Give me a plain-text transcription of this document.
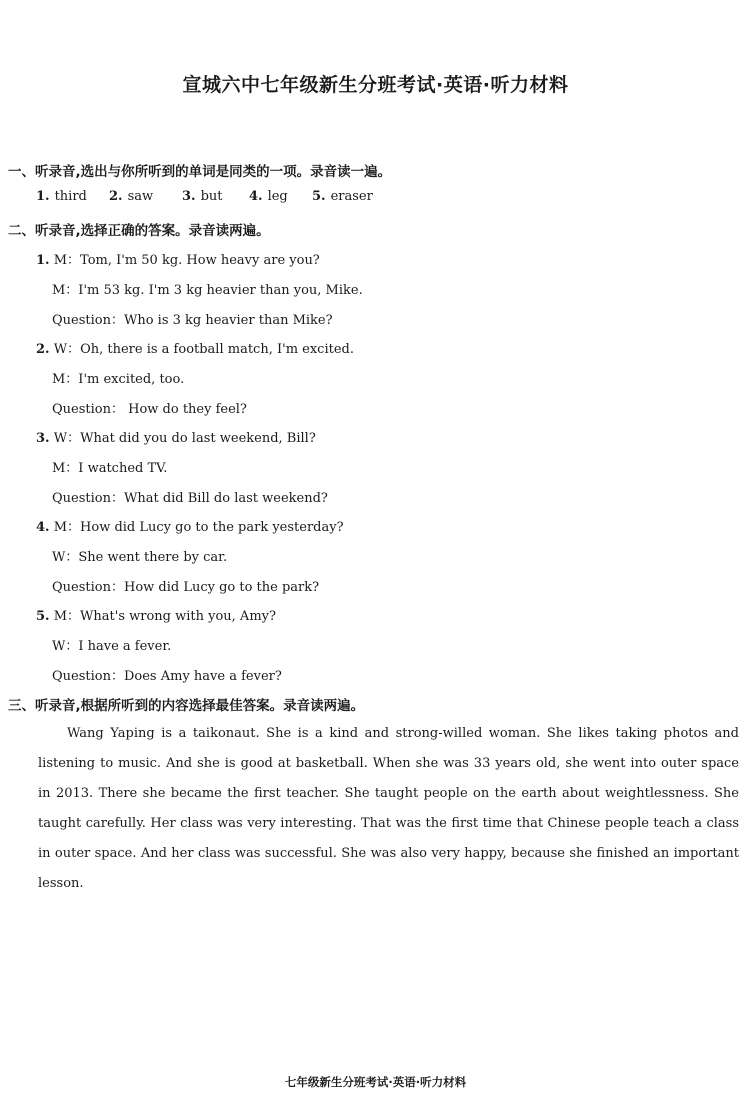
宣城六中七年级新生分班考试·英语·听力材料
一、听录音,选出与你所听到的单词是同类的一项。录音读一遍。
1. third	2. saw	3. but	4. leg	5. eraser
二、听录音,选择正确的答案。录音读两遍。
1. M：Tom, I'm 50 kg. How heavy are you?
M：I'm 53 kg. I'm 3 kg heavier than you, Mike.
Question：Who is 3 kg heavier than Mike?
2. W：Oh, there is a football match, I'm excited.
M：I'm excited, too.
Question： How do they feel?
3. W：What did you do last weekend, Bill?
M：I watched TV.
Question：What did Bill do last weekend?
4. M：How did Lucy go to the park yesterday?
W：She went there by car.
Question：How did Lucy go to the park?
5. M：What's wrong with you, Amy?
W：I have a fever.
Question：Does Amy have a fever?
三、听录音,根据所听到的内容选择最佳答案。录音读两遍。
Wang Yaping is a taikonaut. She is a kind and strong-willed woman. She likes taking photos and listening to music. And she is good at basketball. When she was 33 years old, she went into outer space in 2013. There she became the first teacher. She taught people on the earth about weightlessness. She taught carefully. Her class was very interesting. That was the first time that Chinese people teach a class in outer space. And her class was successful. She was also very happy, because she finished an important lesson.
七年级新生分班考试·英语·听力材料
